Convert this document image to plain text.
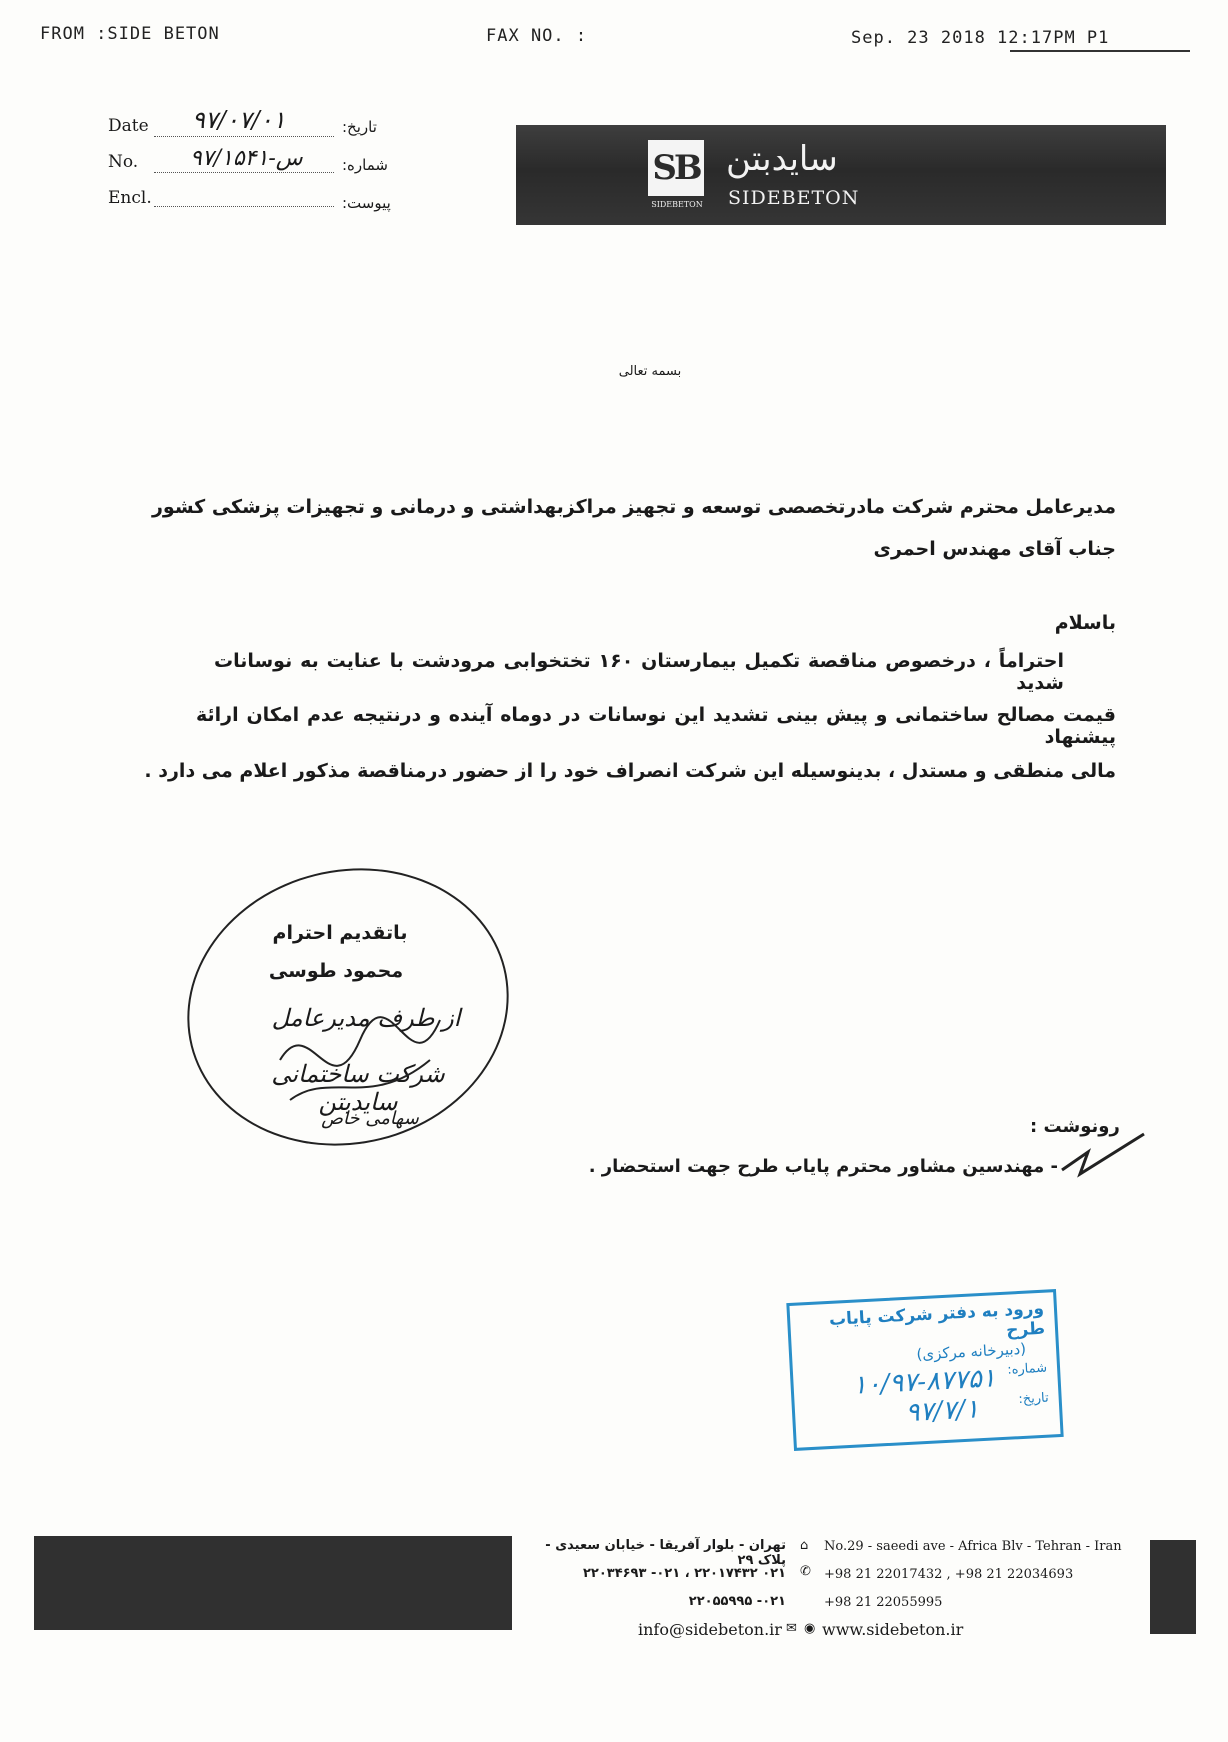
FROM :SIDE BETON	FAX NO. :	Sep. 23 2018 12:17PM P1
Date ۹۷/۰۷/۰۱	تاریخ:
No. س-۹۷/۱۵۴۱	شماره:
Encl.	پیوست:
SB
SIDEBETON
سایدبتن
SIDEBETON
بسمه تعالی
مدیرعامل محترم شرکت مادرتخصصی توسعه و تجهیز مراکزبهداشتی و درمانی و تجهیزات پزشکی کشور
جناب آقای مهندس احمری
باسلام
احتراماً ، درخصوص مناقصة تکمیل بیمارستان ۱۶۰ تختخوابی مرودشت با عنایت به نوسانات شدید
قیمت مصالح ساختمانی و پیش بینی تشدید این نوسانات در دوماه آینده و درنتیجه عدم امکان ارائة پیشنهاد
مالی منطقی و مستدل ، بدینوسیله این شرکت انصراف خود را از حضور درمناقصة مذکور اعلام می دارد .
باتقدیم احترام
محمود طوسی
از طرف مدیرعامل
شرکت ساختمانی سایدبتن
سهامی خاص	رونوشت :
- مهندسین مشاور محترم پایاب طرح جهت استحضار .
ورود به دفتر شرکت پایاب طرح
(دبیرخانه مرکزی)
شماره:
۱۰/۹۷-۸۷۷۵۱ تاریخ:
۹۷/۷/۱
تهران - بلوار آفریقا - خیابان سعیدی - پلاک ۲۹
⌂ No.29 - saeedi ave - Africa Blv - Tehran - Iran
۰۲۱ ۲۲۰۱۷۴۳۲ ، ۰۲۱- ۲۲۰۳۴۶۹۳ ✆ +98 21 22017432 , +98 21 22034693
۰۲۱- ۲۲۰۵۵۹۹۵	+98 21 22055995
info@sidebeton.ir ✉ ◉ www.sidebeton.ir
